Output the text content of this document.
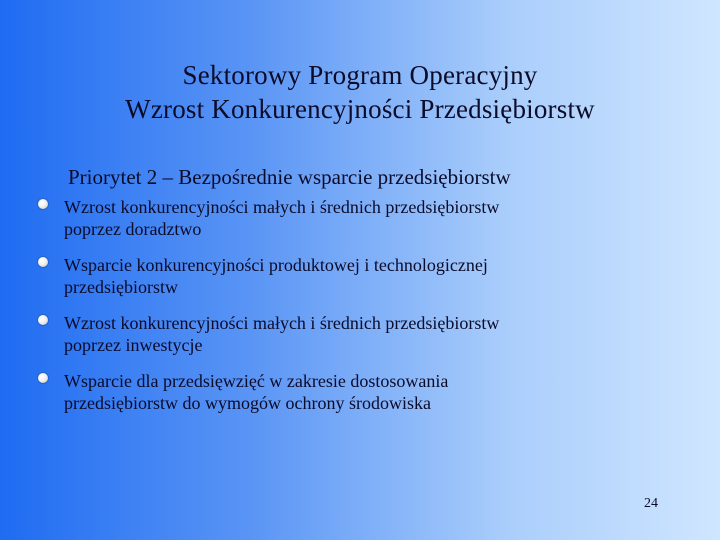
Sektorowy Program Operacyjny
Wzrost Konkurencyjności Przedsiębiorstw
Priorytet 2 – Bezpośrednie wsparcie przedsiębiorstw
Wzrost konkurencyjności małych i średnich przedsiębiorstw
poprzez doradztwo
Wsparcie konkurencyjności produktowej i technologicznej
przedsiębiorstw
Wzrost konkurencyjności małych i średnich przedsiębiorstw
poprzez inwestycje
Wsparcie dla przedsięwzięć w zakresie dostosowania
przedsiębiorstw do wymogów ochrony środowiska
24
